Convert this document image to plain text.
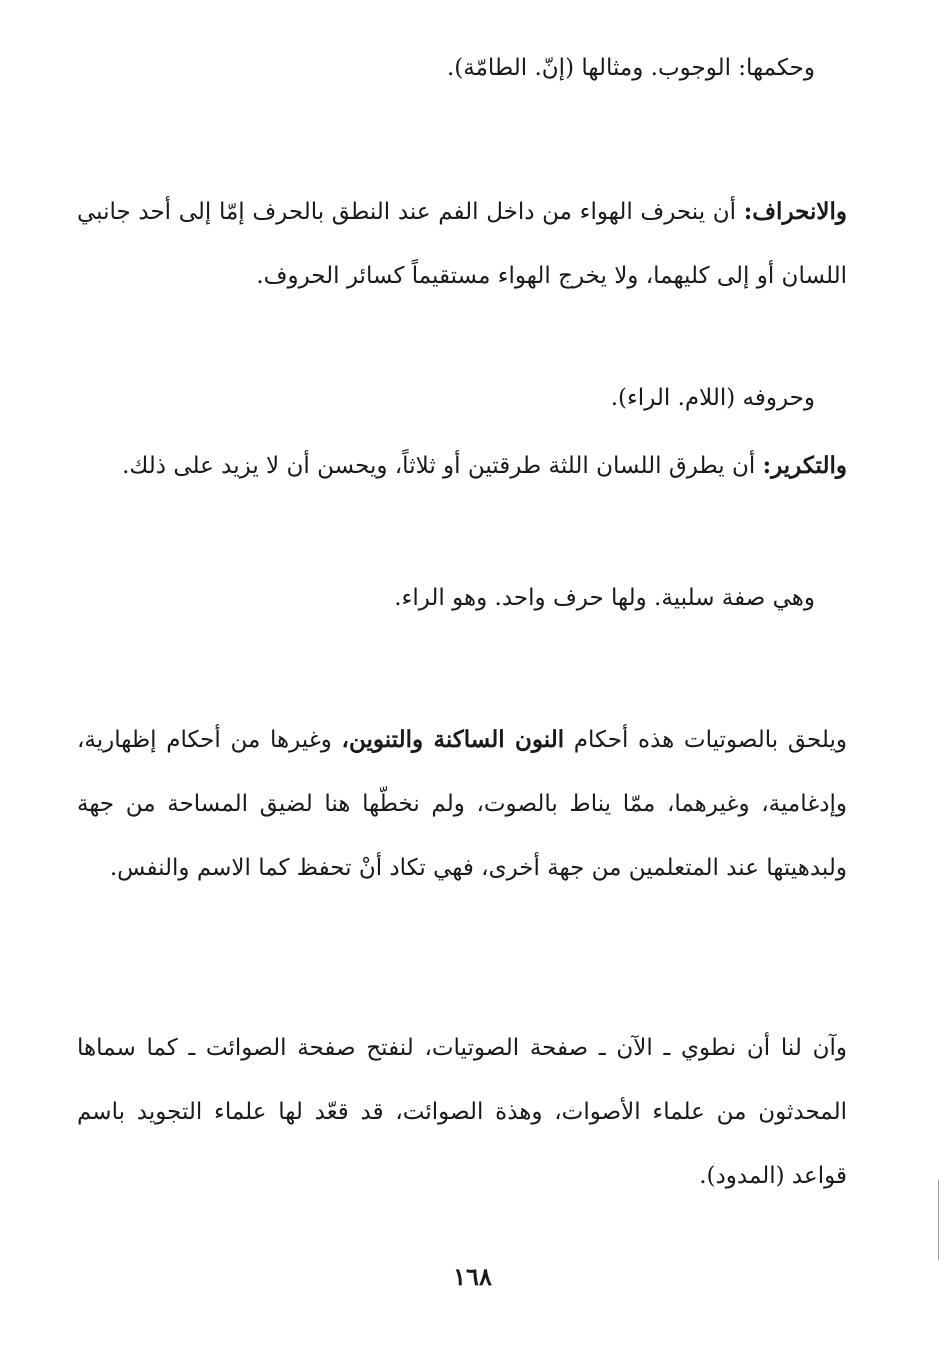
وحكمها: الوجوب. ومثالها (إنّ. الطامّة).

والانحراف: أن ينحرف الهواء من داخل الفم عند النطق بالحرف إمّا إلى أحد جانبي اللسان أو إلى كليهما، ولا يخرج الهواء مستقيماً كسائر الحروف.

وحروفه (اللام. الراء).

والتكرير: أن يطرق اللسان اللثة طرقتين أو ثلاثاً، ويحسن أن لا يزيد على ذلك.

وهي صفة سلبية. ولها حرف واحد. وهو الراء.

ويلحق بالصوتيات هذه أحكام النون الساكنة والتنوين، وغيرها من أحكام إظهارية، وإدغامية، وغيرهما، ممّا يناط بالصوت، ولم نخطّها هنا لضيق المساحة من جهة ولبدهيتها عند المتعلمين من جهة أخرى، فهي تكاد أنْ تحفظ كما الاسم والنفس.

وآن لنا أن نطوي ـ الآن ـ صفحة الصوتيات، لنفتح صفحة الصوائت ـ كما سماها المحدثون من علماء الأصوات، وهذة الصوائت، قد قعّد لها علماء التجويد باسم قواعد (المدود).

١٦٨
